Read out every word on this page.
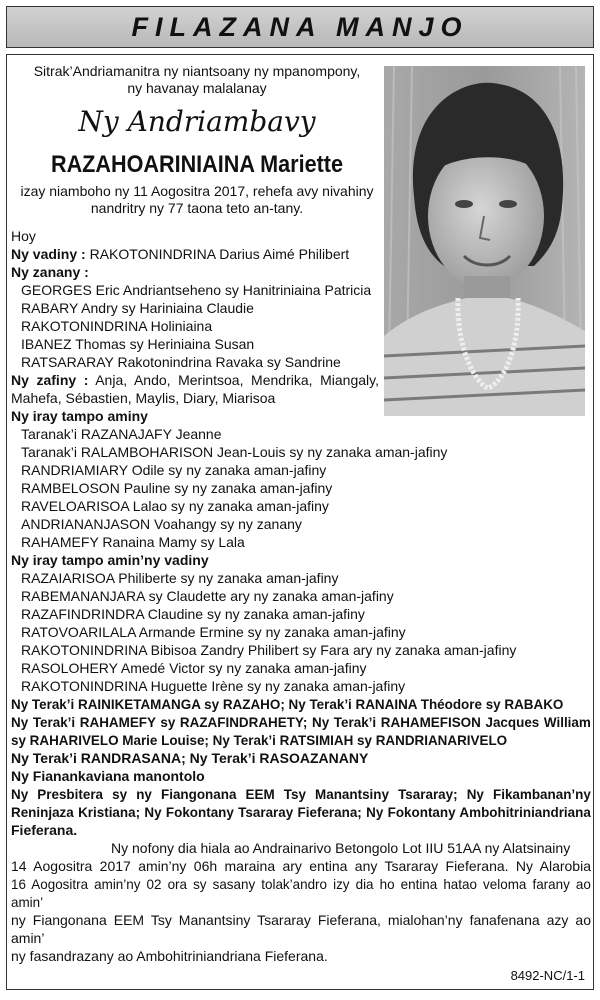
FILAZANA MANJO
Sitrak’Andriamanitra ny niantsoany ny mpanompony,
ny havanay malalanay
Ny Andriambavy
RAZAHOARINIAINA Mariette
izay niamboho ny 11 Aogositra 2017, rehefa avy nivahiny
nandritry ny 77 taona teto an-tany.
Hoy
Ny vadiny : RAKOTONINDRINA Darius Aimé Philibert
Ny zanany :
GEORGES Eric Andriantseheno sy Hanitriniaina Patricia
RABARY Andry sy Hariniaina Claudie
RAKOTONINDRINA Holiniaina
IBANEZ Thomas sy Heriniaina Susan
RATSARARAY Rakotonindrina Ravaka sy Sandrine
Ny zafiny : Anja, Ando, Merintsoa, Mendrika, Miangaly,
Mahefa, Sébastien, Maylis, Diary, Miarisoa
Ny iray tampo aminy
Taranak’i RAZANAJAFY Jeanne
Taranak’i RALAMBOHARISON Jean-Louis sy ny zanaka aman-jafiny
RANDRIAMIARY Odile sy ny zanaka aman-jafiny
RAMBELOSON Pauline sy ny zanaka aman-jafiny
RAVELOARISOA Lalao sy ny zanaka aman-jafiny
ANDRIANANJASON Voahangy sy ny zanany
RAHAMEFY Ranaina Mamy sy Lala
Ny iray tampo amin’ny vadiny
RAZAIARISOA Philiberte sy ny zanaka aman-jafiny
RABEMANANJARA sy Claudette ary ny zanaka aman-jafiny
RAZAFINDRINDRA Claudine sy ny zanaka aman-jafiny
RATOVOARILALA Armande Ermine sy ny zanaka aman-jafiny
RAKOTONINDRINA Bibisoa Zandry Philibert sy Fara ary ny zanaka aman-jafiny
RASOLOHERY Amedé Victor sy ny zanaka aman-jafiny
RAKOTONINDRINA Huguette Irène sy ny zanaka aman-jafiny
Ny Terak’i RAINIKETAMANGA sy RAZAHO; Ny Terak’i RANAINA Théodore sy RABAKO
Ny Terak’i RAHAMEFY sy RAZAFINDRAHETY; Ny Terak’i RAHAMEFISON Jacques William
sy RAHARIVELO Marie Louise; Ny Terak’i RATSIMIAH sy RANDRIANARIVELO
Ny Terak’i RANDRASANA; Ny Terak’i RASOAZANANY
Ny Fianankaviana manontolo
Ny Presbitera sy ny Fiangonana EEM Tsy Manantsiny Tsararay; Ny Fikambanan’ny
Reninjaza Kristiana; Ny Fokontany Tsararay Fieferana; Ny Fokontany Ambohitriniandriana
Fieferana.
Ny nofony dia hiala ao Andrainarivo Betongolo Lot IIU 51AA ny Alatsinainy
14 Aogositra 2017 amin’ny 06h maraina ary entina any Tsararay Fieferana. Ny Alarobia
16 Aogositra amin’ny 02 ora sy sasany tolak’andro izy dia ho entina hatao veloma farany ao amin’
ny Fiangonana EEM Tsy Manantsiny Tsararay Fieferana, mialohan’ny fanafenana azy ao amin’
ny fasandrazany ao Ambohitriniandriana Fieferana.
8492-NC/1-1
